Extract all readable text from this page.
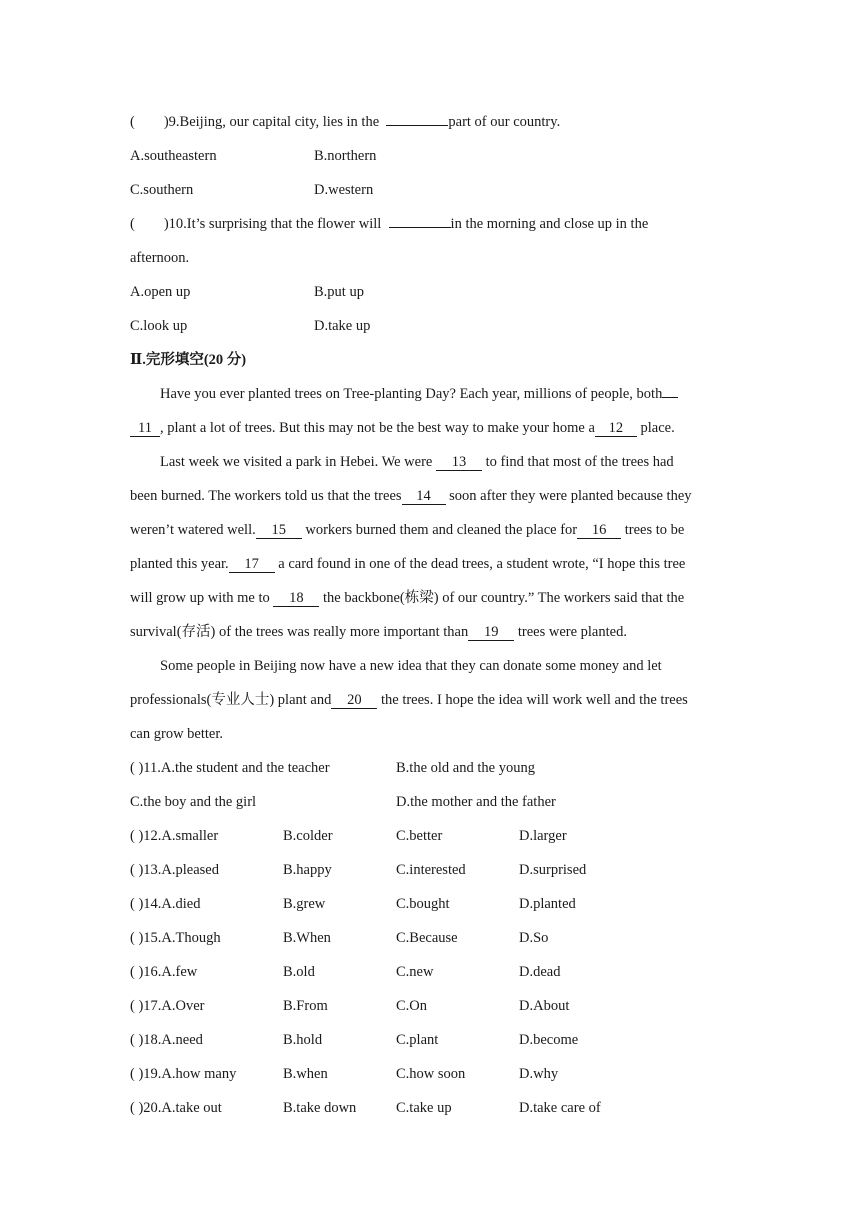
(        )9.Beijing, our capital city, lies in the	part of our country.
A.southeastern	B.northern
C.southern	D.western
(        )10.It’s surprising that the flower will	in the morning and close up in the
afternoon.
A.open up	B.put up
C.look up	D.take up
Ⅱ.完形填空(20 分)
Have you ever planted trees on Tree-planting Day? Each year, millions of people, both
11 , plant a lot of trees. But this may not be the best way to make your home a 12 place.
Last week we visited a park in Hebei. We were 13 to find that most of the trees had
been burned. The workers told us that the trees 14 soon after they were planted because they
weren’t watered well. 15 workers burned them and cleaned the place for 16 trees to be
planted this year. 17 a card found in one of the dead trees, a student wrote, “I hope this tree
will grow up with me to 18 the backbone(栋梁) of our country.” The workers said that the
survival(存活) of the trees was really more important than 19 trees were planted.
Some people in Beijing now have a new idea that they can donate some money and let
professionals(专业人士) plant and 20 the trees. I hope the idea will work well and the trees
can grow better.
( )11.A.the student and the teacher	B.the old and the young
C.the boy and the girl	D.the mother and the father
( )12.A.smaller	B.colder	C.better	D.larger
( )13.A.pleased	B.happy	C.interested	D.surprised
( )14.A.died	B.grew	C.bought	D.planted
( )15.A.Though	B.When	C.Because	D.So
( )16.A.few	B.old	C.new	D.dead
( )17.A.Over	B.From	C.On	D.About
( )18.A.need	B.hold	C.plant	D.become
( )19.A.how many	B.when	C.how soon	D.why
( )20.A.take out	B.take down	C.take up	D.take care of
